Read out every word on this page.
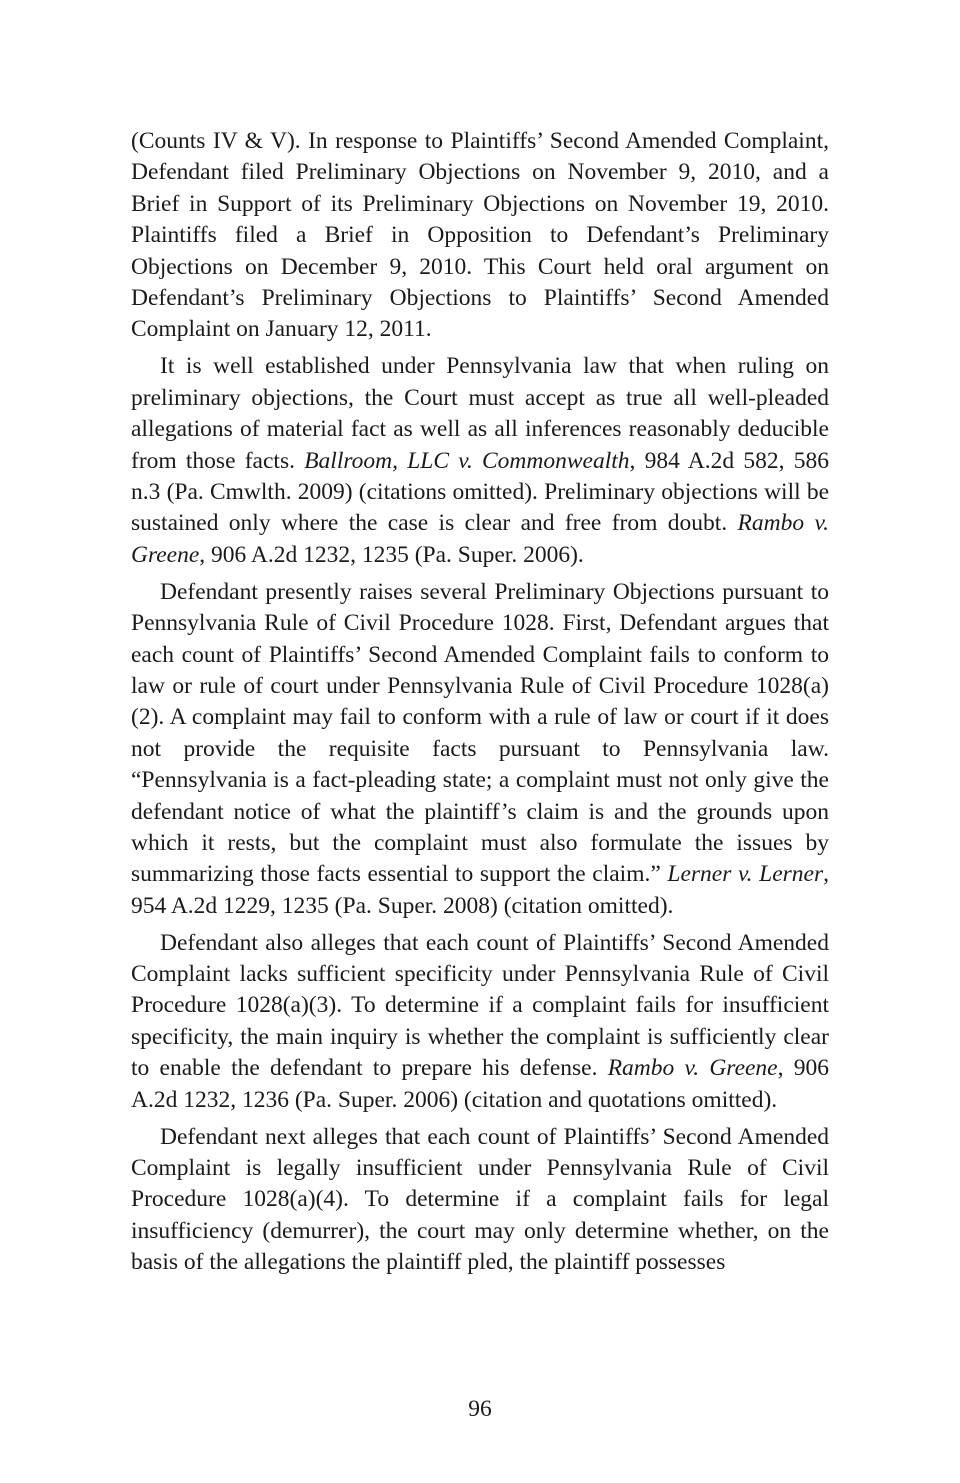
(Counts IV & V). In response to Plaintiffs’ Second Amended Complaint, Defendant filed Preliminary Objections on November 9, 2010, and a Brief in Support of its Preliminary Objections on November 19, 2010. Plaintiffs filed a Brief in Opposition to Defendant’s Preliminary Objections on December 9, 2010. This Court held oral argument on Defendant’s Preliminary Objections to Plaintiffs’ Second Amended Complaint on January 12, 2011.

It is well established under Pennsylvania law that when ruling on preliminary objections, the Court must accept as true all well-pleaded allegations of material fact as well as all inferences reasonably deducible from those facts. Ballroom, LLC v. Commonwealth, 984 A.2d 582, 586 n.3 (Pa. Cmwlth. 2009) (citations omitted). Preliminary objections will be sustained only where the case is clear and free from doubt. Rambo v. Greene, 906 A.2d 1232, 1235 (Pa. Super. 2006).

Defendant presently raises several Preliminary Objections pursuant to Pennsylvania Rule of Civil Procedure 1028. First, Defendant argues that each count of Plaintiffs’ Second Amended Complaint fails to conform to law or rule of court under Pennsylvania Rule of Civil Procedure 1028(a)(2). A complaint may fail to conform with a rule of law or court if it does not provide the requisite facts pursuant to Pennsylvania law. “Pennsylvania is a fact-pleading state; a complaint must not only give the defendant notice of what the plaintiff’s claim is and the grounds upon which it rests, but the complaint must also formulate the issues by summarizing those facts essential to support the claim.” Lerner v. Lerner, 954 A.2d 1229, 1235 (Pa. Super. 2008) (citation omitted).

Defendant also alleges that each count of Plaintiffs’ Second Amended Complaint lacks sufficient specificity under Pennsylvania Rule of Civil Procedure 1028(a)(3). To determine if a complaint fails for insufficient specificity, the main inquiry is whether the complaint is sufficiently clear to enable the defendant to prepare his defense. Rambo v. Greene, 906 A.2d 1232, 1236 (Pa. Super. 2006) (citation and quotations omitted).

Defendant next alleges that each count of Plaintiffs’ Second Amended Complaint is legally insufficient under Pennsylvania Rule of Civil Procedure 1028(a)(4). To determine if a complaint fails for legal insufficiency (demurrer), the court may only determine whether, on the basis of the allegations the plaintiff pled, the plaintiff possesses

96
